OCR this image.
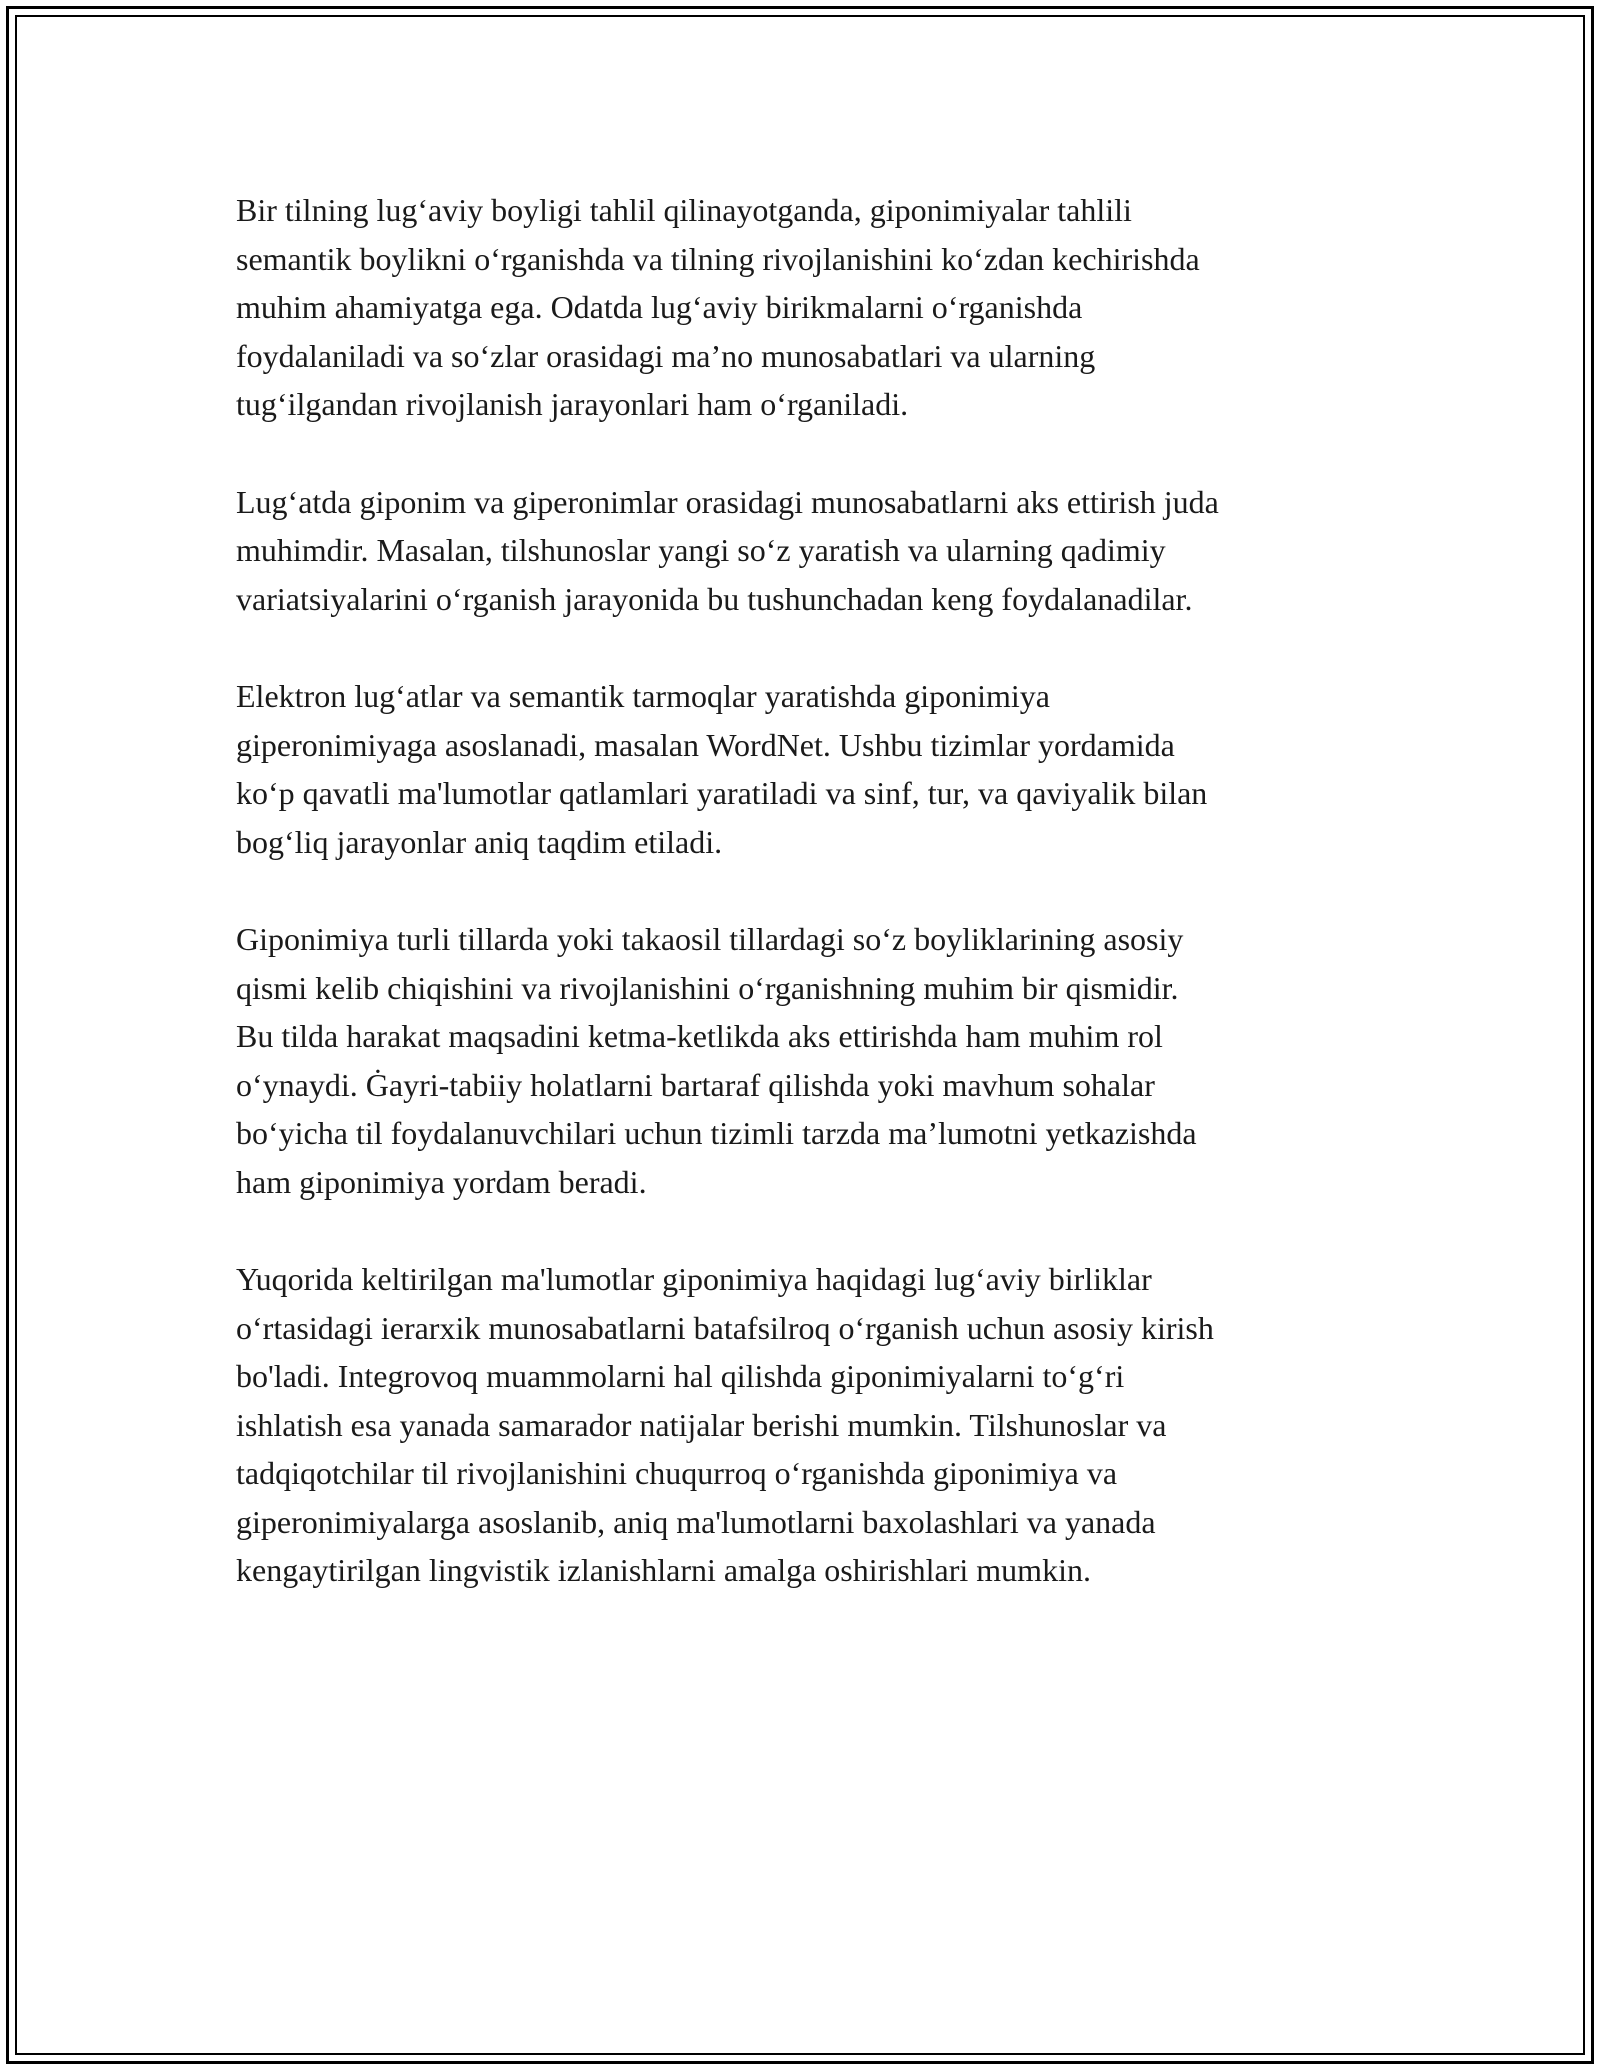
Bir tilning lug‘aviy boyligi tahlil qilinayotganda, giponimiyalar tahlili
semantik boylikni o‘rganishda va tilning rivojlanishini ko‘zdan kechirishda
muhim ahamiyatga ega. Odatda lug‘aviy birikmalarni o‘rganishda
foydalaniladi va so‘zlar orasidagi ma’no munosabatlari va ularning
tug‘ilgandan rivojlanish jarayonlari ham o‘rganiladi.

Lug‘atda giponim va giperonimlar orasidagi munosabatlarni aks ettirish juda
muhimdir. Masalan, tilshunoslar yangi so‘z yaratish va ularning qadimiy
variatsiyalarini o‘rganish jarayonida bu tushunchadan keng foydalanadilar.

Elektron lug‘atlar va semantik tarmoqlar yaratishda giponimiya
giperonimiyaga asoslanadi, masalan WordNet. Ushbu tizimlar yordamida
ko‘p qavatli ma'lumotlar qatlamlari yaratiladi va sinf, tur, va qaviyalik bilan
bog‘liq jarayonlar aniq taqdim etiladi.

Giponimiya turli tillarda yoki takaosil tillardagi so‘z boyliklarining asosiy
qismi kelib chiqishini va rivojlanishini o‘rganishning muhim bir qismidir.
Bu tilda harakat maqsadini ketma-ketlikda aks ettirishda ham muhim rol
o‘ynaydi. Ġayri-tabiiy holatlarni bartaraf qilishda yoki mavhum sohalar
bo‘yicha til foydalanuvchilari uchun tizimli tarzda ma’lumotni yetkazishda
ham giponimiya yordam beradi.

Yuqorida keltirilgan ma'lumotlar giponimiya haqidagi lug‘aviy birliklar
o‘rtasidagi ierarxik munosabatlarni batafsilroq o‘rganish uchun asosiy kirish
bo'ladi. Integrovoq muammolarni hal qilishda giponimiyalarni to‘g‘ri
ishlatish esa yanada samarador natijalar berishi mumkin. Tilshunoslar va
tadqiqotchilar til rivojlanishini chuqurroq o‘rganishda giponimiya va
giperonimiyalarga asoslanib, aniq ma'lumotlarni baxolashlari va yanada
kengaytirilgan lingvistik izlanishlarni amalga oshirishlari mumkin.
